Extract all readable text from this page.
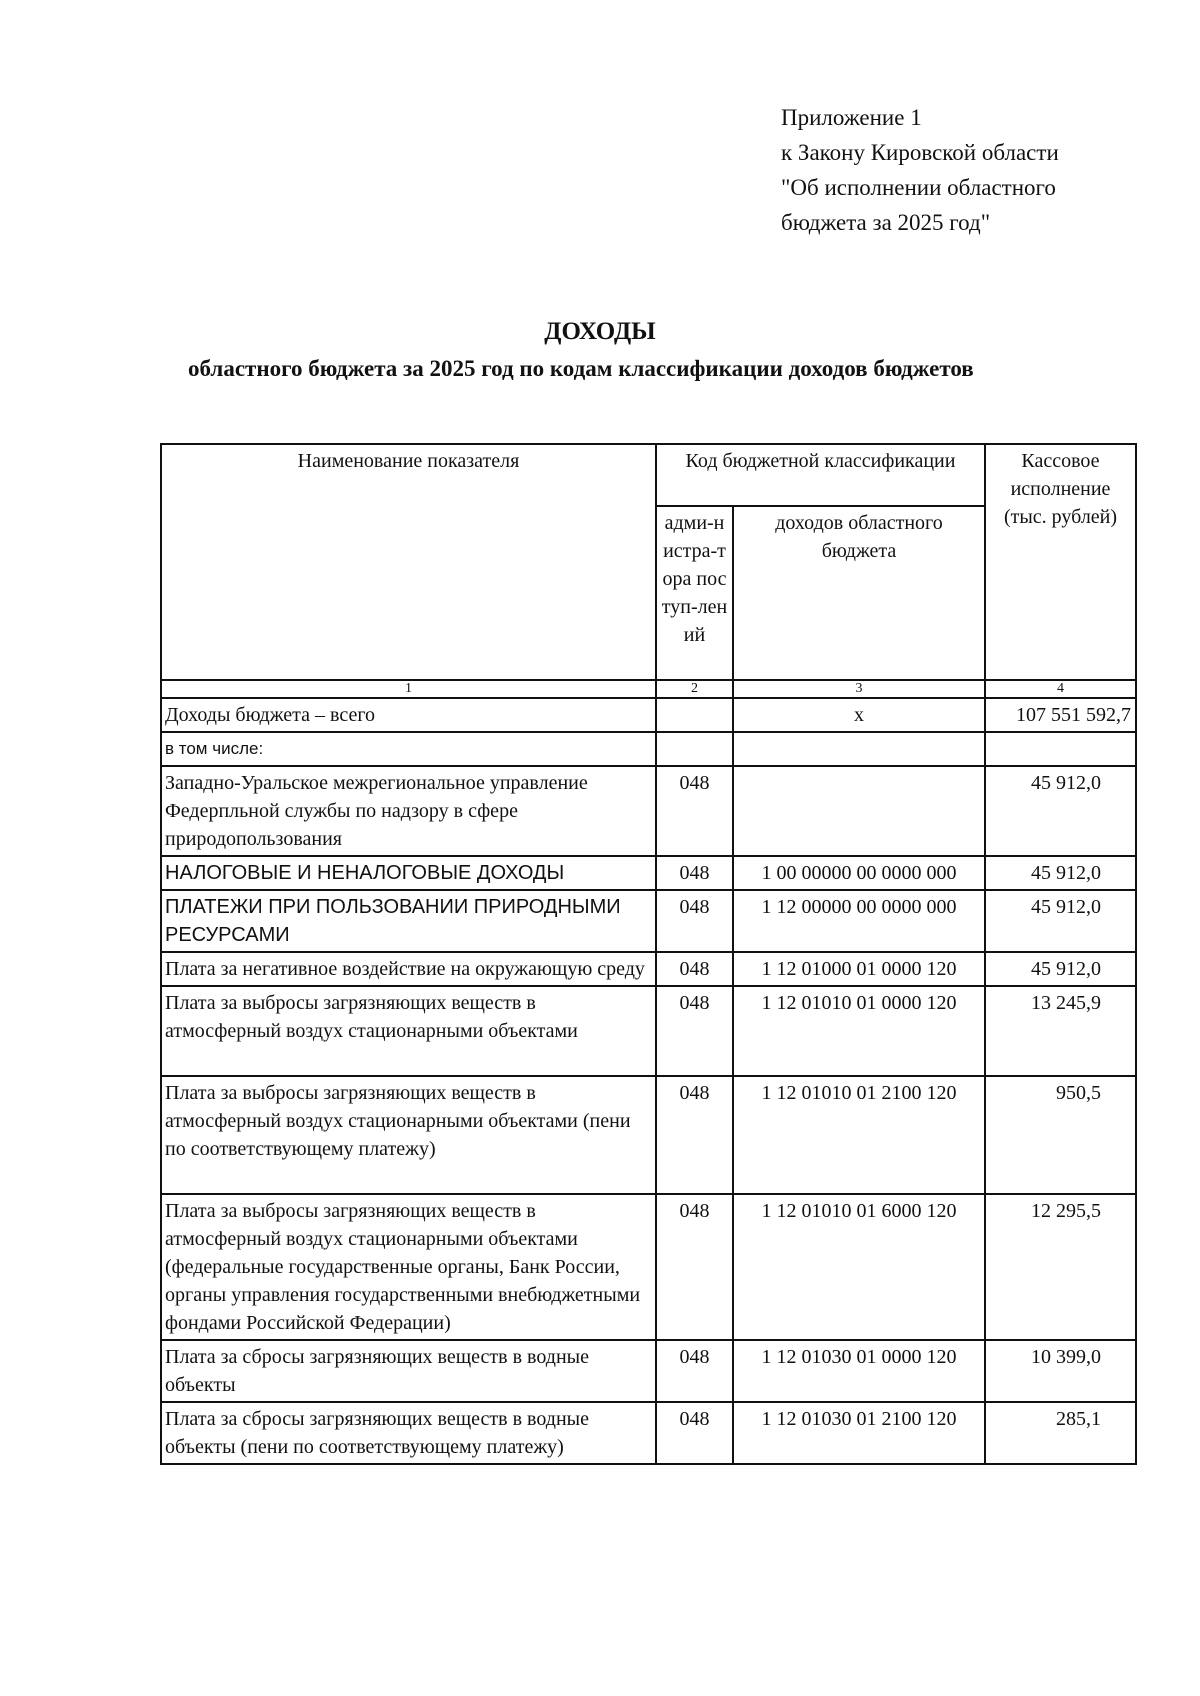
Приложение 1
к Закону Кировской области
"Об исполнении областного
бюджета за 2025 год"
ДОХОДЫ
областного бюджета за 2025 год по кодам классификации доходов бюджетов
Наименование показателя	Код бюджетной классификации		Кассовое исполнение (тыс. рублей)
	адми-нистра-тора поступ-лений	доходов областного бюджета	
1	2	3	4
Доходы бюджета – всего		х	107 551 592,7
в том числе:			
Западно-Уральское межрегиональное управление Федерпльной службы по надзору в сфере природопользования	048		45 912,0
НАЛОГОВЫЕ И НЕНАЛОГОВЫЕ ДОХОДЫ	048	1 00 00000 00 0000 000	45 912,0
ПЛАТЕЖИ ПРИ ПОЛЬЗОВАНИИ ПРИРОДНЫМИ РЕСУРСАМИ	048	1 12 00000 00 0000 000	45 912,0
Плата за негативное воздействие на окружающую среду	048	1 12 01000 01 0000 120	45 912,0
Плата за выбросы загрязняющих веществ в атмосферный воздух стационарными объектами	048	1 12 01010 01 0000 120	13 245,9
Плата за выбросы загрязняющих веществ в атмосферный воздух стационарными объектами (пени по соответствующему платежу)	048	1 12 01010 01 2100 120	950,5
Плата за выбросы загрязняющих веществ в атмосферный воздух стационарными объектами (федеральные государственные органы, Банк России, органы управления государственными внебюджетными фондами Российской Федерации)	048	1 12 01010 01 6000 120	12 295,5
Плата за сбросы загрязняющих веществ в водные объекты	048	1 12 01030 01 0000 120	10 399,0
Плата за сбросы загрязняющих веществ в водные объекты (пени по соответствующему платежу)	048	1 12 01030 01 2100 120	285,1
